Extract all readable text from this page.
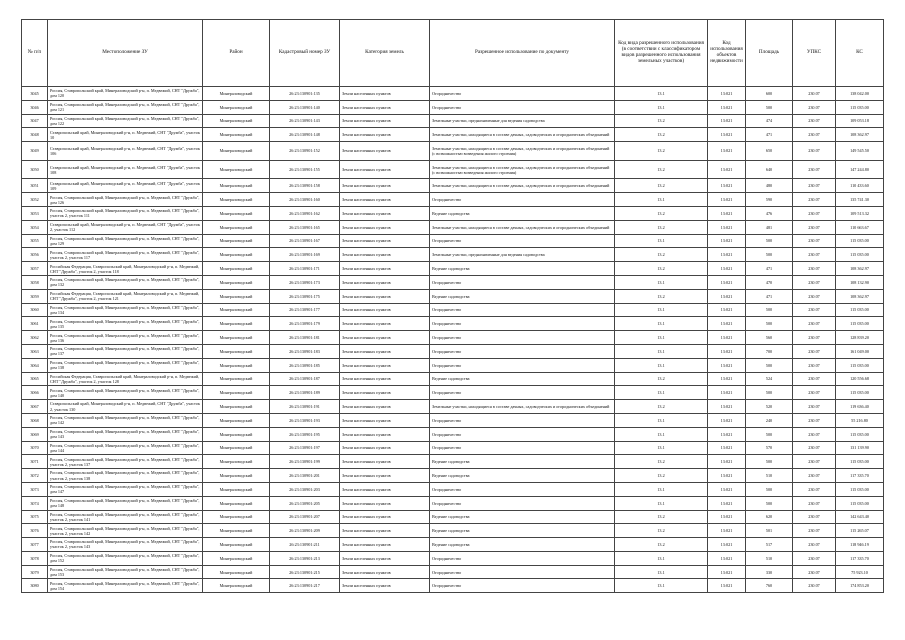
№ п/п	Местоположение ЗУ	Район	Кадастровый номер ЗУ	Категория земель	Разрешенное использование по документу	Код вида разрешенного использования (в соответствии с классификатором видов разрешенного использования земельных участков)	Код использования объектов недвижимости	Площадь	УПКС	КС
3045	Россия, Ставропольский край, Минераловодский р-н, п. Медвежий, СНТ "Дружба", дом 120	Минераловодский	26:23:130901:135	Земли населенных пунктов	Огородничество	13.1	13:021	600	230.07	138 042.00
3046	Россия, Ставропольский край, Минераловодский р-н, п. Медвежий, СНТ "Дружба", дом 121	Минераловодский	26:23:130901:140	Земли населенных пунктов	Огородничество	13.1	13:021	500	230.07	115 035.00
3047	Россия, Ставропольский край, Минераловодский р-н, п. Медвежий, СНТ "Дружба", дом 122	Минераловодский	26:23:130901:143	Земли населенных пунктов	Земельные участки, предназначенные для ведения садоводства	13.2	13:021	474	230.07	109 053.18
3048	Ставропольский край, Минераловодский р-н, п. Медвежий, СНТ "Дружба", участок 10	Минераловодский	26:23:130901:148	Земли населенных пунктов	Земельные участки, находящиеся в составе дачных, садоводческих и огороднических объединений	13.2	13:021	471	230.07	108 362.97
3049	Ставропольский край, Минераловодский р-н, п. Медвежий, СНТ "Дружба", участок 106	Минераловодский	26:23:130901:152	Земли населенных пунктов	Земельные участки, находящиеся в составе дачных, садоводческих и огороднических объединений (с возможностью возведения жилого строения)	13.2	13:021	650	230.07	149 545.50
3050	Ставропольский край, Минераловодский р-н, п. Медвежий, СНТ "Дружба", участок 108	Минераловодский	26:23:130901:155	Земли населенных пунктов	Земельные участки, находящиеся в составе дачных, садоводческих и огороднических объединений (с возможностью возведения жилого строения)	13.2	13:021	640	230.07	147 244.80
3051	Ставропольский край, Минераловодский р-н, п. Медвежий, СНТ "Дружба", участок 109	Минераловодский	26:23:130901:158	Земли населенных пунктов	Земельные участки, находящиеся в составе дачных, садоводческих и огороднических объединений	13.2	13:021	480	230.07	110 433.60
3052	Россия, Ставропольский край, Минераловодский р-н, п. Медвежий, СНТ "Дружба", дом 126	Минераловодский	26:23:130901:160	Земли населенных пунктов	Огородничество	13.1	13:021	590	230.07	135 741.30
3053	Россия, Ставропольский край, Минераловодский р-н, п. Медвежий, СНТ "Дружба", участок 2, участок 111	Минераловодский	26:23:130901:162	Земли населенных пунктов	Ведение садоводства	13.2	13:021	476	230.07	109 513.32
3054	Ставропольский край, Минераловодский р-н, п. Медвежий, СНТ "Дружба", участок 2, участок 112	Минераловодский	26:23:130901:165	Земли населенных пунктов	Земельные участки, находящиеся в составе дачных, садоводческих и огороднических объединений	13.2	13:021	481	230.07	110 663.67
3055	Россия, Ставропольский край, Минераловодский р-н, п. Медвежий, СНТ "Дружба", дом 129	Минераловодский	26:23:130901:167	Земли населенных пунктов	Огородничество	13.1	13:021	500	230.07	115 035.00
3056	Россия, Ставропольский край, Минераловодский р-н, п. Медвежий, СНТ "Дружба", участок 2, участок 117	Минераловодский	26:23:130901:169	Земли населенных пунктов	Земельные участки, предназначенные для ведения садоводства	13.2	13:021	500	230.07	115 035.00
3057	Российская Федерация, Ставропольский край, Минераловодский р-н, п. Медвежий, СНТ "Дружба", участок 2, участок 118	Минераловодский	26:23:130901:171	Земли населенных пунктов	Ведение садоводства	13.2	13:021	471	230.07	108 362.97
3058	Россия, Ставропольский край, Минераловодский р-н, п. Медвежий, СНТ "Дружба", дом 132	Минераловодский	26:23:130901:173	Земли населенных пунктов	Огородничество	13.1	13:021	470	230.07	108 132.90
3059	Российская Федерация, Ставропольский край, Минераловодский р-н, п. Медвежий, СНТ "Дружба", участок 2, участок 121	Минераловодский	26:23:130901:175	Земли населенных пунктов	Ведение садоводства	13.2	13:021	471	230.07	108 362.97
3060	Россия, Ставропольский край, Минераловодский р-н, п. Медвежий, СНТ "Дружба", дом 134	Минераловодский	26:23:130901:177	Земли населенных пунктов	Огородничество	13.1	13:021	500	230.07	115 035.00
3061	Россия, Ставропольский край, Минераловодский р-н, п. Медвежий, СНТ "Дружба", дом 135	Минераловодский	26:23:130901:179	Земли населенных пунктов	Огородничество	13.1	13:021	500	230.07	115 035.00
3062	Россия, Ставропольский край, Минераловодский р-н, п. Медвежий, СНТ "Дружба", дом 136	Минераловодский	26:23:130901:181	Земли населенных пунктов	Огородничество	13.1	13:021	560	230.07	128 839.20
3063	Россия, Ставропольский край, Минераловодский р-н, п. Медвежий, СНТ "Дружба", дом 137	Минераловодский	26:23:130901:183	Земли населенных пунктов	Огородничество	13.1	13:021	700	230.07	161 049.00
3064	Россия, Ставропольский край, Минераловодский р-н, п. Медвежий, СНТ "Дружба", дом 138	Минераловодский	26:23:130901:185	Земли населенных пунктов	Огородничество	13.1	13:021	500	230.07	115 035.00
3065	Российская Федерация, Ставропольский край, Минераловодский р-н, п. Медвежий, СНТ "Дружба", участок 2, участок 128	Минераловодский	26:23:130901:187	Земли населенных пунктов	Ведение садоводства	13.2	13:021	524	230.07	120 556.68
3066	Россия, Ставропольский край, Минераловодский р-н, п. Медвежий, СНТ "Дружба", дом 140	Минераловодский	26:23:130901:189	Земли населенных пунктов	Огородничество	13.1	13:021	500	230.07	115 035.00
3067	Ставропольский край, Минераловодский р-н, п. Медвежий, СНТ "Дружба", участок 2, участок 130	Минераловодский	26:23:130901:191	Земли населенных пунктов	Земельные участки, находящиеся в составе дачных, садоводческих и огороднических объединений	13.2	13:021	520	230.07	119 636.40
3068	Россия, Ставропольский край, Минераловодский р-н, п. Медвежий, СНТ "Дружба", дом 142	Минераловодский	26:23:130901:193	Земли населенных пунктов	Огородничество	13.1	13:021	240	230.07	55 216.80
3069	Россия, Ставропольский край, Минераловодский р-н, п. Медвежий, СНТ "Дружба", дом 143	Минераловодский	26:23:130901:195	Земли населенных пунктов	Огородничество	13.1	13:021	500	230.07	115 035.00
3070	Россия, Ставропольский край, Минераловодский р-н, п. Медвежий, СНТ "Дружба", дом 144	Минераловодский	26:23:130901:197	Земли населенных пунктов	Огородничество	13.1	13:021	570	230.07	131 139.90
3071	Россия, Ставропольский край, Минераловодский р-н, п. Медвежий, СНТ "Дружба", участок 2, участок 137	Минераловодский	26:23:130901:199	Земли населенных пунктов	Ведение садоводства	13.2	13:021	500	230.07	115 035.00
3072	Россия, Ставропольский край, Минераловодский р-н, п. Медвежий, СНТ "Дружба", участок 2, участок 138	Минераловодский	26:23:130901:201	Земли населенных пунктов	Ведение садоводства	13.2	13:021	510	230.07	117 335.70
3073	Россия, Ставропольский край, Минераловодский р-н, п. Медвежий, СНТ "Дружба", дом 147	Минераловодский	26:23:130901:203	Земли населенных пунктов	Огородничество	13.1	13:021	500	230.07	115 035.00
3074	Россия, Ставропольский край, Минераловодский р-н, п. Медвежий, СНТ "Дружба", дом 148	Минераловодский	26:23:130901:205	Земли населенных пунктов	Огородничество	13.1	13:021	500	230.07	115 035.00
3075	Россия, Ставропольский край, Минераловодский р-н, п. Медвежий, СНТ "Дружба", участок 2, участок 141	Минераловодский	26:23:130901:207	Земли населенных пунктов	Ведение садоводства	13.2	13:021	620	230.07	142 643.40
3076	Россия, Ставропольский край, Минераловодский р-н, п. Медвежий, СНТ "Дружба", участок 2, участок 142	Минераловодский	26:23:130901:209	Земли населенных пунктов	Ведение садоводства	13.2	13:021	501	230.07	115 265.07
3077	Россия, Ставропольский край, Минераловодский р-н, п. Медвежий, СНТ "Дружба", участок 2, участок 143	Минераловодский	26:23:130901:211	Земли населенных пунктов	Ведение садоводства	13.2	13:021	517	230.07	118 946.19
3078	Россия, Ставропольский край, Минераловодский р-н, п. Медвежий, СНТ "Дружба", дом 152	Минераловодский	26:23:130901:213	Земли населенных пунктов	Огородничество	13.1	13:021	510	230.07	117 335.70
3079	Россия, Ставропольский край, Минераловодский р-н, п. Медвежий, СНТ "Дружба", дом 153	Минераловодский	26:23:130901:215	Земли населенных пунктов	Огородничество	13.1	13:021	330	230.07	75 923.10
3080	Россия, Ставропольский край, Минераловодский р-н, п. Медвежий, СНТ "Дружба", дом 154	Минераловодский	26:23:130901:217	Земли населенных пунктов	Огородничество	13.1	13:021	760	230.07	174 853.20
